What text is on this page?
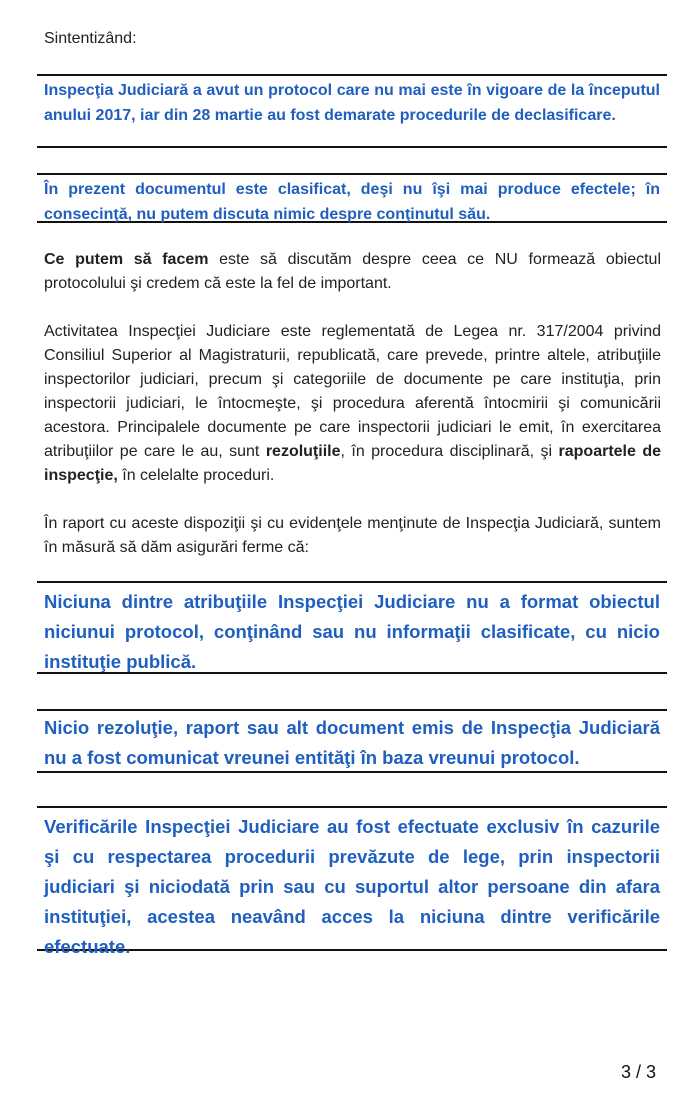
Sintentizând:
Inspecţia Judiciară a avut un protocol care nu mai este în vigoare de la începutul anului 2017, iar din 28 martie au fost demarate procedurile de declasificare.
În prezent documentul este clasificat, deşi nu îşi mai produce efectele; în consecinţă, nu putem discuta nimic despre conţinutul său.
Ce putem să facem este să discutăm despre ceea ce NU formează obiectul protocolului şi credem că este la fel de important.
Activitatea Inspecţiei Judiciare este reglementată de Legea nr. 317/2004 privind Consiliul Superior al Magistraturii, republicată, care prevede, printre altele, atribuţiile inspectorilor judiciari, precum şi categoriile de documente pe care instituţia, prin inspectorii judiciari, le întocmeşte, şi procedura aferentă întocmirii şi comunicării acestora. Principalele documente pe care inspectorii judiciari le emit, în exercitarea atribuţiilor pe care le au, sunt rezoluţiile, în procedura disciplinară, şi rapoartele de inspecţie, în celelalte proceduri.
În raport cu aceste dispoziţii şi cu evidenţele menţinute de Inspecţia Judiciară, suntem în măsură să dăm asigurări ferme că:
Niciuna dintre atribuţiile Inspecţiei Judiciare nu a format obiectul niciunui protocol, conţinând sau nu informaţii clasificate, cu nicio instituţie publică.
Nicio rezoluţie, raport sau alt document emis de Inspecţia Judiciară nu a fost comunicat vreunei entităţi în baza vreunui protocol.
Verificările Inspecţiei Judiciare au fost efectuate exclusiv în cazurile şi cu respectarea procedurii prevăzute de lege, prin inspectorii judiciari şi niciodată prin sau cu suportul altor persoane din afara instituţiei, acestea neavând acces la niciuna dintre verificările efectuate.
3 / 3
